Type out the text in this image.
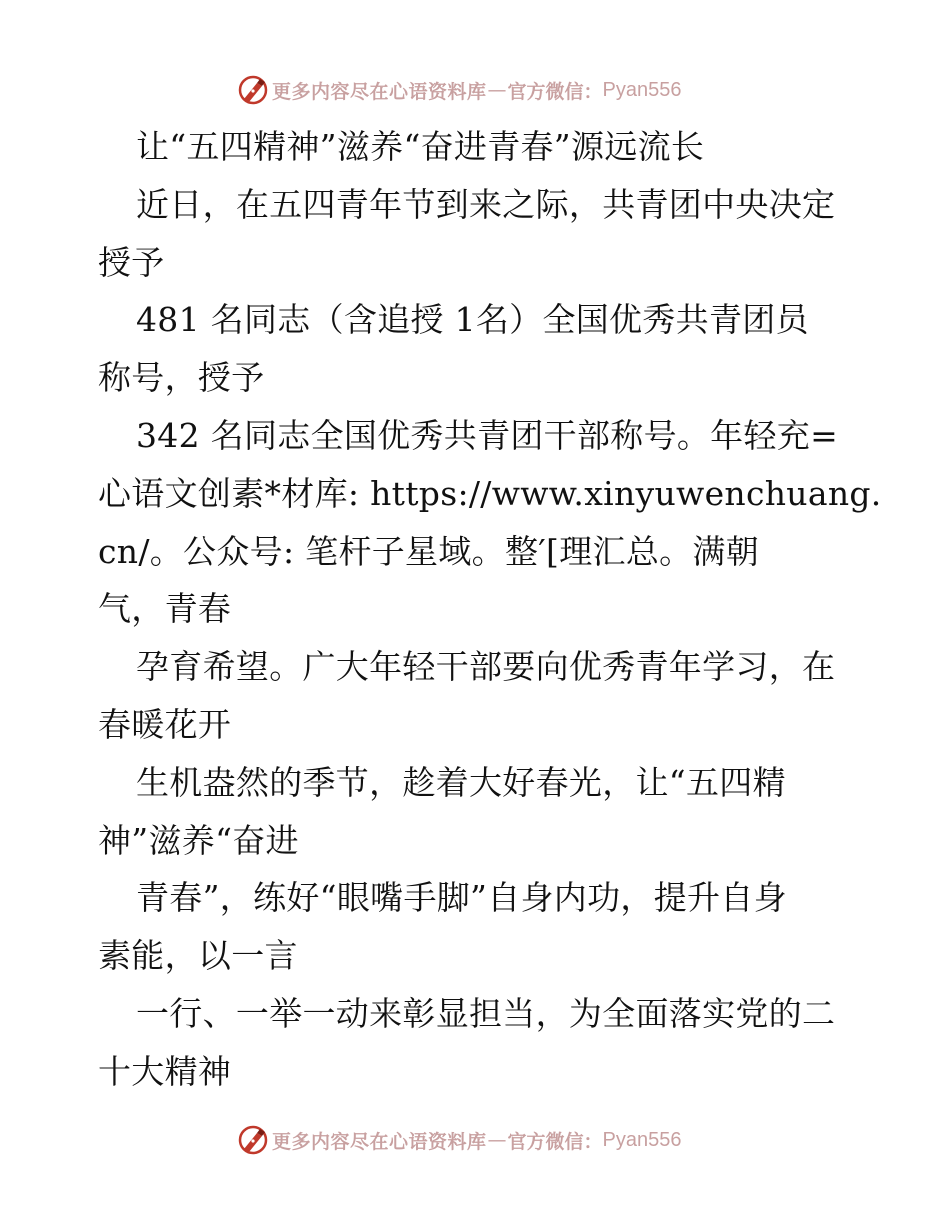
更多内容尽在心语资料库 — 官方微信： Pyan556
让“五四精神”滋养“奋进青春”源远流长
近日，在五四青年节到来之际，共青团中央决定
授予
481 名同志（含追授 1名）全国优秀共青团员
称号，授予
342 名同志全国优秀共青团干部称号。年轻充=
心语文创素*材库: https://www.xinyuwenchuang.
cn/。公众号: 笔杆子星域。整′[理汇总。满朝
气，青春
孕育希望。广大年轻干部要向优秀青年学习，在
春暖花开
生机盎然的季节，趁着大好春光，让“五四精
神”滋养“奋进
青春”，练好“眼嘴手脚”自身内功，提升自身
素能，以一言
一行、一举一动来彰显担当，为全面落实党的二
十大精神
更多内容尽在心语资料库 — 官方微信： Pyan556
